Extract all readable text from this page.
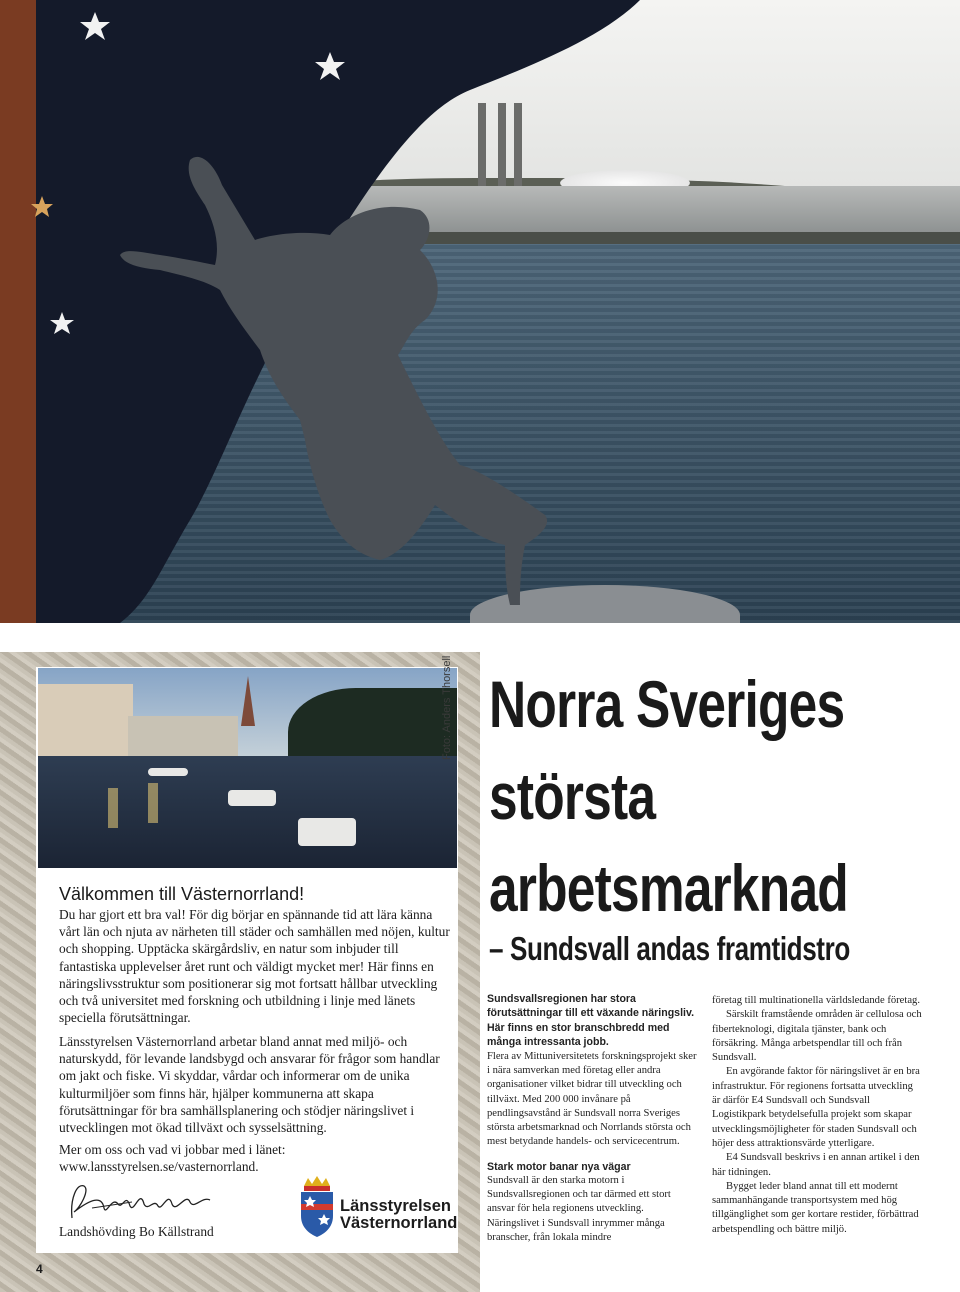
Foto: Anders Thorsell
Välkommen till Västernorrland!

Du har gjort ett bra val! För dig börjar en spännande tid att lära känna vårt län och njuta av närheten till städer och samhällen med nöjen, kultur och shopping. Upptäcka skärgårdsliv, en natur som inbjuder till fantastiska upplevelser året runt och väldigt mycket mer! Här finns en näringslivsstruktur som positionerar sig mot fortsatt hållbar utveckling och två universitet med forskning och utbildning i linje med länets speciella förutsättningar.

Länsstyrelsen Västernorrland arbetar bland annat med miljö- och naturskydd, för levande landsbygd och ansvarar för frågor som handlar om jakt och fiske. Vi skyddar, vårdar och informerar om de unika kulturmiljöer som finns här, hjälper kommunerna att skapa förutsättningar för bra samhällsplanering och stödjer näringslivet i utvecklingen mot ökad tillväxt och sysselsättning.

Mer om oss och vad vi jobbar med i länet: www.lansstyrelsen.se/vasternorrland.

Landshövding Bo Källstrand
Länsstyrelsen
Västernorrland
4
Norra Sveriges
största
arbetsmarknad
– Sundsvall andas framtidstro

Sundsvallsregionen har stora förutsättningar till ett växande näringsliv. Här finns en stor branschbredd med många intressanta jobb.

Flera av Mittuniversitetets forskningsprojekt sker i nära samverkan med företag eller andra organisationer vilket bidrar till utveckling och tillväxt. Med 200 000 invånare på pendlingsavstånd är Sundsvall norra Sveriges största arbetsmarknad och Norrlands största och mest betydande handels- och servicecentrum.

Stark motor banar nya vägar

Sundsvall är den starka motorn i Sundsvallsregionen och tar därmed ett stort ansvar för hela regionens utveckling. Näringslivet i Sundsvall inrymmer många branscher, från lokala mindre

företag till multinationella världsledande företag.

Särskilt framstående områden är cellulosa och fiberteknologi, digitala tjänster, bank och försäkring. Många arbetspendlar till och från Sundsvall.

En avgörande faktor för näringslivet är en bra infrastruktur. För regionens fortsatta utveckling är därför E4 Sundsvall och Sundsvall Logistikpark betydelsefulla projekt som skapar utvecklingsmöjligheter för staden Sundsvall och höjer dess attraktionsvärde ytterligare.

E4 Sundsvall beskrivs i en annan artikel i den här tidningen.

Bygget leder bland annat till ett modernt sammanhängande transportsystem med hög tillgänglighet som ger kortare restider, förbättrad arbetspendling och bättre miljö.
